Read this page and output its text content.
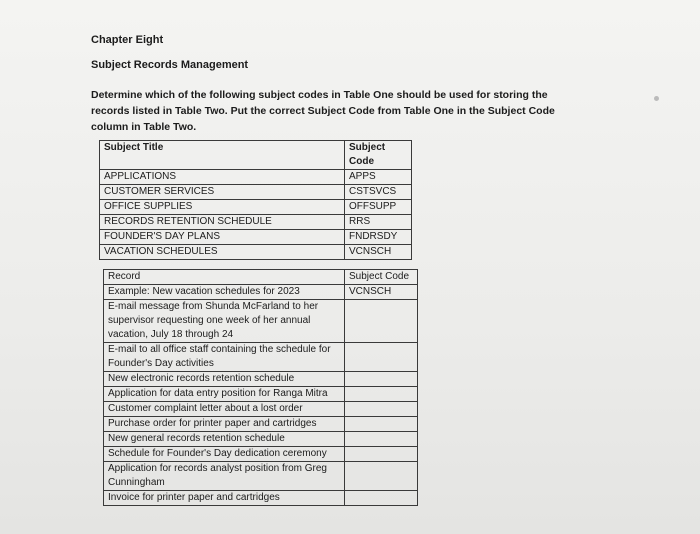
Chapter Eight
Subject Records Management
Determine which of the following subject codes in Table One should be used for storing the records listed in Table Two. Put the correct Subject Code from Table One in the Subject Code column in Table Two.
Subject Title	Subject Code
APPLICATIONS	APPS
CUSTOMER SERVICES	CSTSVCS
OFFICE SUPPLIES	OFFSUPP
RECORDS RETENTION SCHEDULE	RRS
FOUNDER'S DAY PLANS	FNDRSDY
VACATION SCHEDULES	VCNSCH
Record	Subject Code
Example: New vacation schedules for 2023	VCNSCH
E-mail message from Shunda McFarland to her supervisor requesting one week of her annual vacation, July 18 through 24	
E-mail to all office staff containing the schedule for Founder's Day activities	
New electronic records retention schedule	
Application for data entry position for Ranga Mitra	
Customer complaint letter about a lost order	
Purchase order for printer paper and cartridges	
New general records retention schedule	
Schedule for Founder's Day dedication ceremony	
Application for records analyst position from Greg Cunningham	
Invoice for printer paper and cartridges	
